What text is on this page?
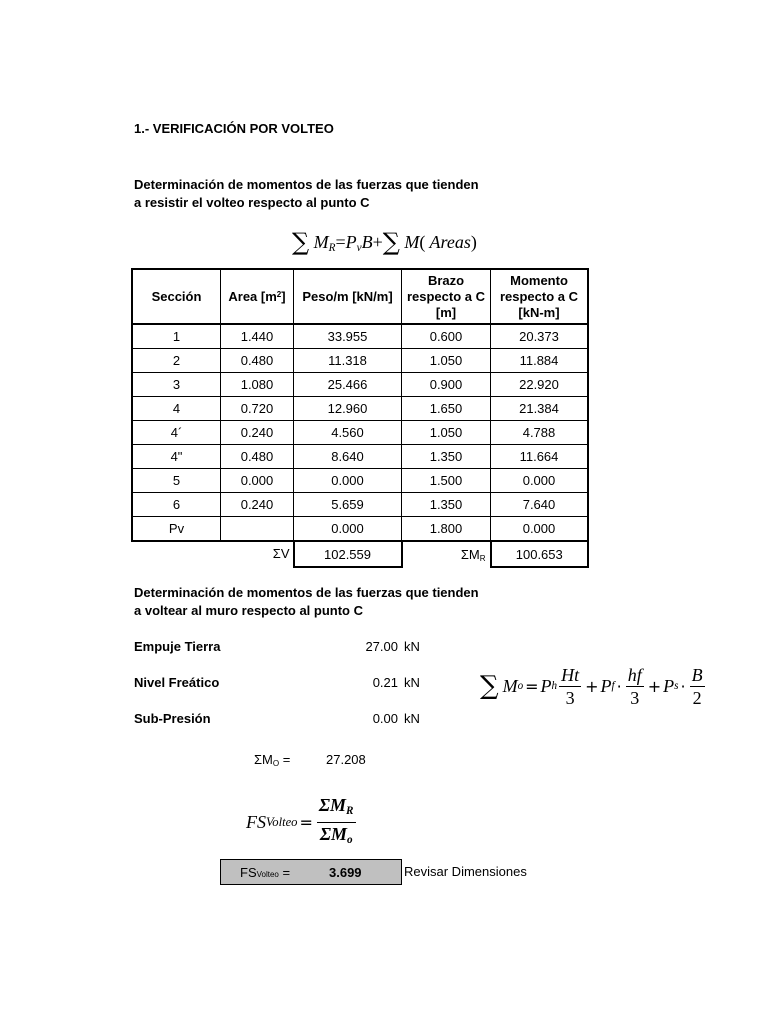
1.- VERIFICACIÓN POR VOLTEO
Determinación de momentos de las fuerzas que tienden
a resistir el volteo respecto al punto C
∑ $M_R=P_vB+\sum$ M( Areas)
Sección	Area $[m^2]$	Peso/m [kN/m]	Brazo respecto a C [m]	Momento respecto a C [kN-m]
1	1.440	33.955	0.600	20.373
2	0.480	11.318	1.050	11.884
3	1.080	25.466	0.900	22.920
4	0.720	12.960	1.650	21.384
4´	0.240	4.560	1.050	4.788
4"	0.480	8.640	1.350	11.664
5	0.000	0.000	1.500	0.000
6	0.240	5.659	1.350	7.640
Pv		0.000	1.800	0.000

		ΣV 102.559	$\Sigma M_R$	100.653
Determinación de momentos de las fuerzas que tienden
a voltear al muro respecto al punto C
Empuje Tierra	27.00 kN
Nivel Freático	0.21 kN
Sub-Presión	0.00 kN
∑ M o = P h $\frac{Ht}{3} + P$ $f \cdot \frac{hf}{3} + P$ $s \cdot \frac{B}{2}$
$\Sigma M_O$ =	27.208
FS Volteo = $\frac{\Sigma M_R}{\Sigma M_o}$
FSVolteo =	3.699	Revisar Dimensiones
